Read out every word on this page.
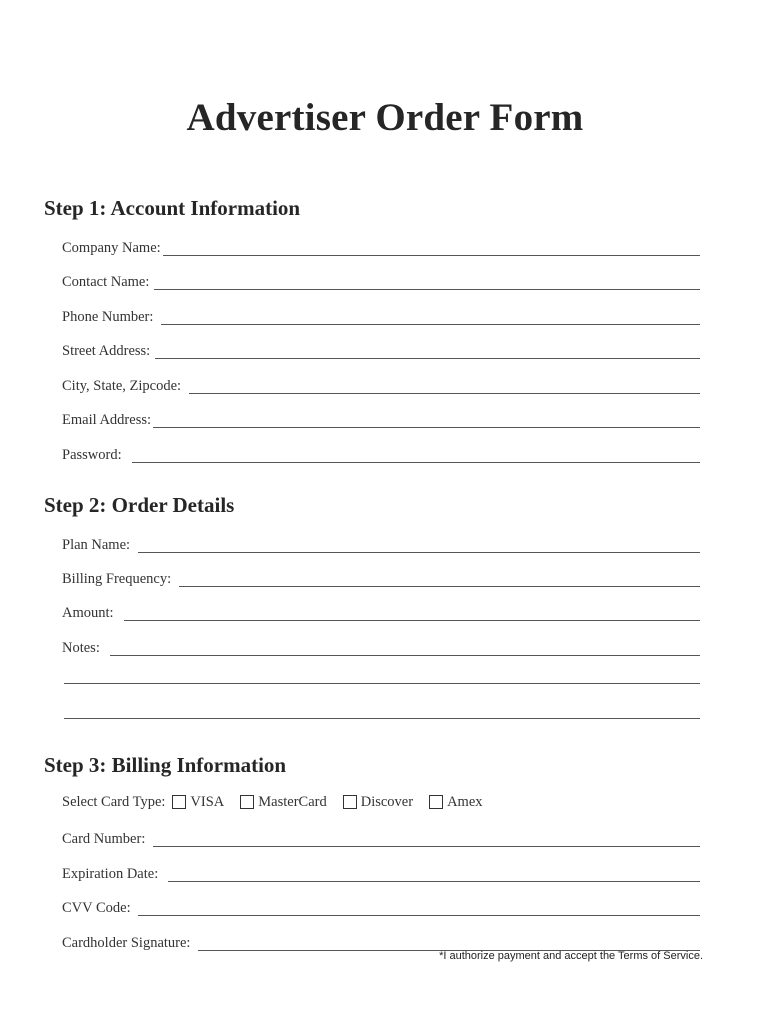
Advertiser Order Form
Step 1: Account Information
Company Name:
Contact Name:
Phone Number:
Street Address:
City, State, Zipcode:
Email Address:
Password:
Step 2: Order Details
Plan Name:
Billing Frequency:
Amount:
Notes:
Step 3: Billing Information
Select Card Type: VISA MasterCard Discover Amex
Card Number:
Expiration Date:
CVV Code:
Cardholder Signature:
*I authorize payment and accept the Terms of Service.
